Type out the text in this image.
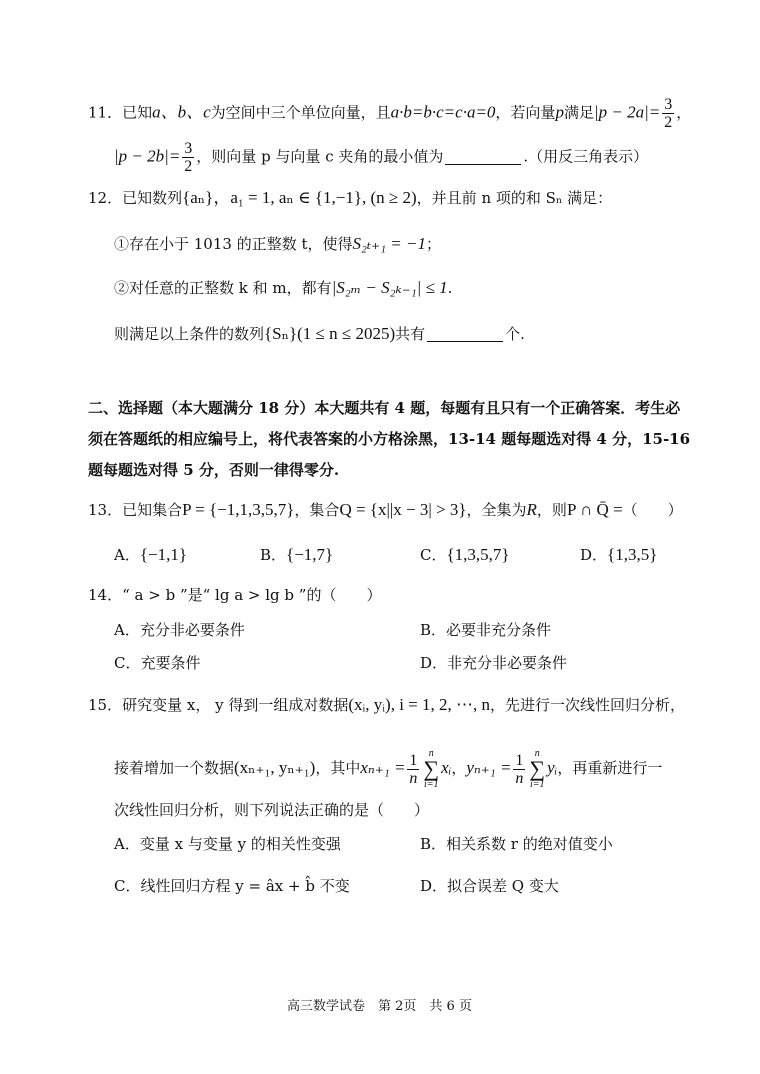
11．已知a、b、c为空间中三个单位向量，且a·b=b·c=c·a=0，若向量p满足$|p - 2a|= \frac{3}{2}$ ，
$|p - 2b|= \frac{3}{2}$ ，则向量 p 与向量 c 夹角的最小值为	.（用反三角表示）
12．已知数列{aₙ}，a₁ = 1, aₙ ∈ {1,−1}, (n ≥ 2)，并且前 n 项的和 Sₙ 满足：
①存在小于 1013 的正整数 t，使得S₂ₜ₊₁ = −1；
②对任意的正整数 k 和 m，都有|S₂ₘ − S₂ₖ₋₁| ≤ 1.
则满足以上条件的数列{Sₙ}(1 ≤ n ≤ 2025)共有	个.
二、选择题（本大题满分 18 分）本大题共有 4 题，每题有且只有一个正确答案．考生必
须在答题纸的相应编号上，将代表答案的小方格涂黑，13-14 题每题选对得 4 分，15-16
题每题选对得 5 分，否则一律得零分.
13．已知集合P = {−1,1,3,5,7}，集合Q = {x||x − 3| > 3}，全集为R，则P ∩ Q̄ =（　　）
A．{−1,1}	B．{−1,7}	C．{1,3,5,7}	D．{1,3,5}
14．“ a > b ”是“ lg a > lg b ”的（　　）
A．充分非必要条件	B．必要非充分条件
C．充要条件	D．非充分非必要条件
15．研究变量 x， y 得到一组成对数据(xᵢ, yᵢ), i = 1, 2, ⋯, n，先进行一次线性回归分析，
接着增加一个数据(xₙ₊₁, yₙ₊₁)，其中$x_{n+1} = \frac{1}{n}$ n
∑
i=1
xᵢ，$y_{n+1} = \frac{1}{n}$ n
∑
i=1
yᵢ，再重新进行一
次线性回归分析，则下列说法正确的是（　　）
A．变量 x 与变量 y 的相关性变强	B．相关系数 r 的绝对值变小
C．线性回归方程 y = âx + b̂ 不变	D．拟合误差 Q 变大
高三数学试卷　第 2页　共 6 页
